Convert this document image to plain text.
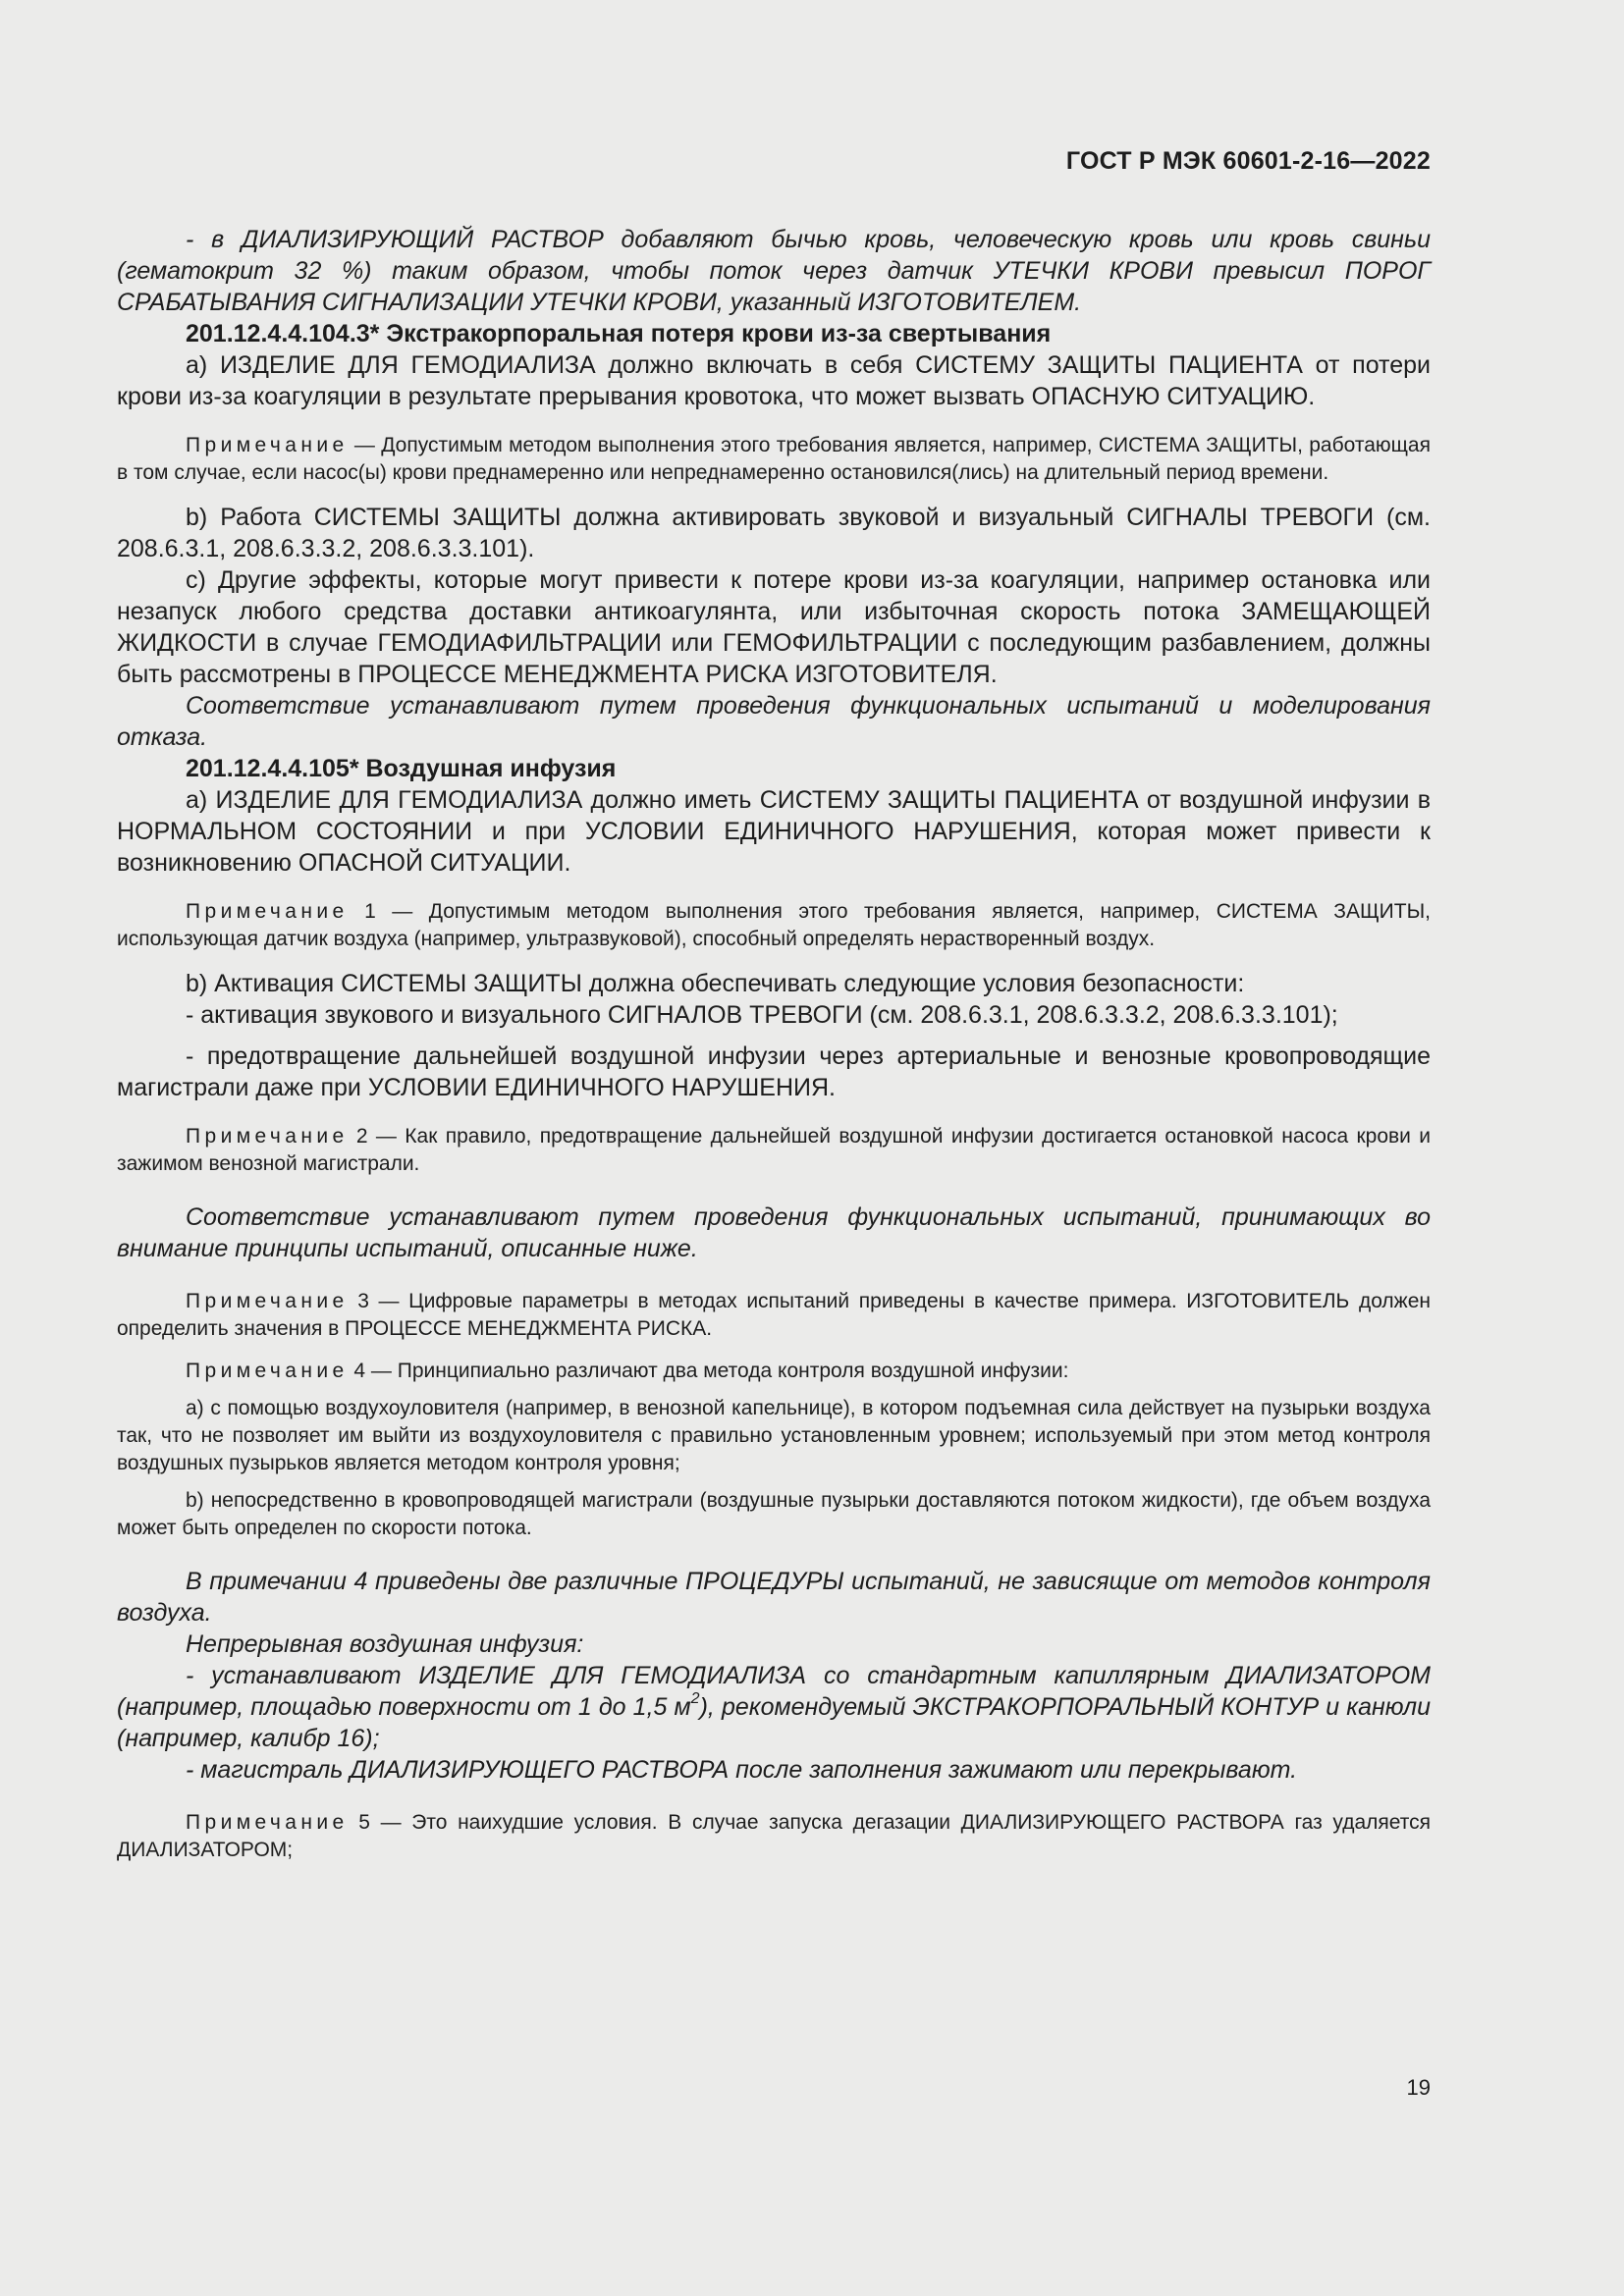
ГОСТ Р МЭК 60601-2-16—2022

- в ДИАЛИЗИРУЮЩИЙ РАСТВОР добавляют бычью кровь, человеческую кровь или кровь свиньи (гематокрит 32 %) таким образом, чтобы поток через датчик УТЕЧКИ КРОВИ превысил ПОРОГ СРАБАТЫВАНИЯ СИГНАЛИЗАЦИИ УТЕЧКИ КРОВИ, указанный ИЗГОТОВИТЕЛЕМ.

201.12.4.4.104.3* Экстракорпоральная потеря крови из-за свертывания

a) ИЗДЕЛИЕ ДЛЯ ГЕМОДИАЛИЗА должно включать в себя СИСТЕМУ ЗАЩИТЫ ПАЦИЕНТА от потери крови из-за коагуляции в результате прерывания кровотока, что может вызвать ОПАСНУЮ СИТУАЦИЮ.

Примечание — Допустимым методом выполнения этого требования является, например, СИСТЕМА ЗАЩИТЫ, работающая в том случае, если насос(ы) крови преднамеренно или непреднамеренно остановился(лись) на длительный период времени.

b) Работа СИСТЕМЫ ЗАЩИТЫ должна активировать звуковой и визуальный СИГНАЛЫ ТРЕВОГИ (см. 208.6.3.1, 208.6.3.3.2, 208.6.3.3.101).

c) Другие эффекты, которые могут привести к потере крови из-за коагуляции, например остановка или незапуск любого средства доставки антикоагулянта, или избыточная скорость потока ЗАМЕЩАЮЩЕЙ ЖИДКОСТИ в случае ГЕМОДИАФИЛЬТРАЦИИ или ГЕМОФИЛЬТРАЦИИ с последующим разбавлением, должны быть рассмотрены в ПРОЦЕССЕ МЕНЕДЖМЕНТА РИСКА ИЗГОТОВИТЕЛЯ.

Соответствие устанавливают путем проведения функциональных испытаний и моделирования отказа.

201.12.4.4.105* Воздушная инфузия

a) ИЗДЕЛИЕ ДЛЯ ГЕМОДИАЛИЗА должно иметь СИСТЕМУ ЗАЩИТЫ ПАЦИЕНТА от воздушной инфузии в НОРМАЛЬНОМ СОСТОЯНИИ и при УСЛОВИИ ЕДИНИЧНОГО НАРУШЕНИЯ, которая может привести к возникновению ОПАСНОЙ СИТУАЦИИ.

Примечание 1 — Допустимым методом выполнения этого требования является, например, СИСТЕМА ЗАЩИТЫ, использующая датчик воздуха (например, ультразвуковой), способный определять нерастворенный воздух.

b) Активация СИСТЕМЫ ЗАЩИТЫ должна обеспечивать следующие условия безопасности:

- активация звукового и визуального СИГНАЛОВ ТРЕВОГИ (см. 208.6.3.1, 208.6.3.3.2, 208.6.3.3.101);

- предотвращение дальнейшей воздушной инфузии через артериальные и венозные кровопроводящие магистрали даже при УСЛОВИИ ЕДИНИЧНОГО НАРУШЕНИЯ.

Примечание 2 — Как правило, предотвращение дальнейшей воздушной инфузии достигается остановкой насоса крови и зажимом венозной магистрали.

Соответствие устанавливают путем проведения функциональных испытаний, принимающих во внимание принципы испытаний, описанные ниже.

Примечание 3 — Цифровые параметры в методах испытаний приведены в качестве примера. ИЗГОТОВИТЕЛЬ должен определить значения в ПРОЦЕССЕ МЕНЕДЖМЕНТА РИСКА.

Примечание 4 — Принципиально различают два метода контроля воздушной инфузии:

a) с помощью воздухоуловителя (например, в венозной капельнице), в котором подъемная сила действует на пузырьки воздуха так, что не позволяет им выйти из воздухоуловителя с правильно установленным уровнем; используемый при этом метод контроля воздушных пузырьков является методом контроля уровня;

b) непосредственно в кровопроводящей магистрали (воздушные пузырьки доставляются потоком жидкости), где объем воздуха может быть определен по скорости потока.

В примечании 4 приведены две различные ПРОЦЕДУРЫ испытаний, не зависящие от методов контроля воздуха.

Непрерывная воздушная инфузия:

- устанавливают ИЗДЕЛИЕ ДЛЯ ГЕМОДИАЛИЗА со стандартным капиллярным ДИАЛИЗАТОРОМ (например, площадью поверхности от 1 до 1,5 $м^2$), рекомендуемый ЭКСТРАКОРПОРАЛЬНЫЙ КОНТУР и канюли (например, калибр 16);

- магистраль ДИАЛИЗИРУЮЩЕГО РАСТВОРА после заполнения зажимают или перекрывают.

Примечание 5 — Это наихудшие условия. В случае запуска дегазации ДИАЛИЗИРУЮЩЕГО РАСТВОРА газ удаляется ДИАЛИЗАТОРОМ;

19
